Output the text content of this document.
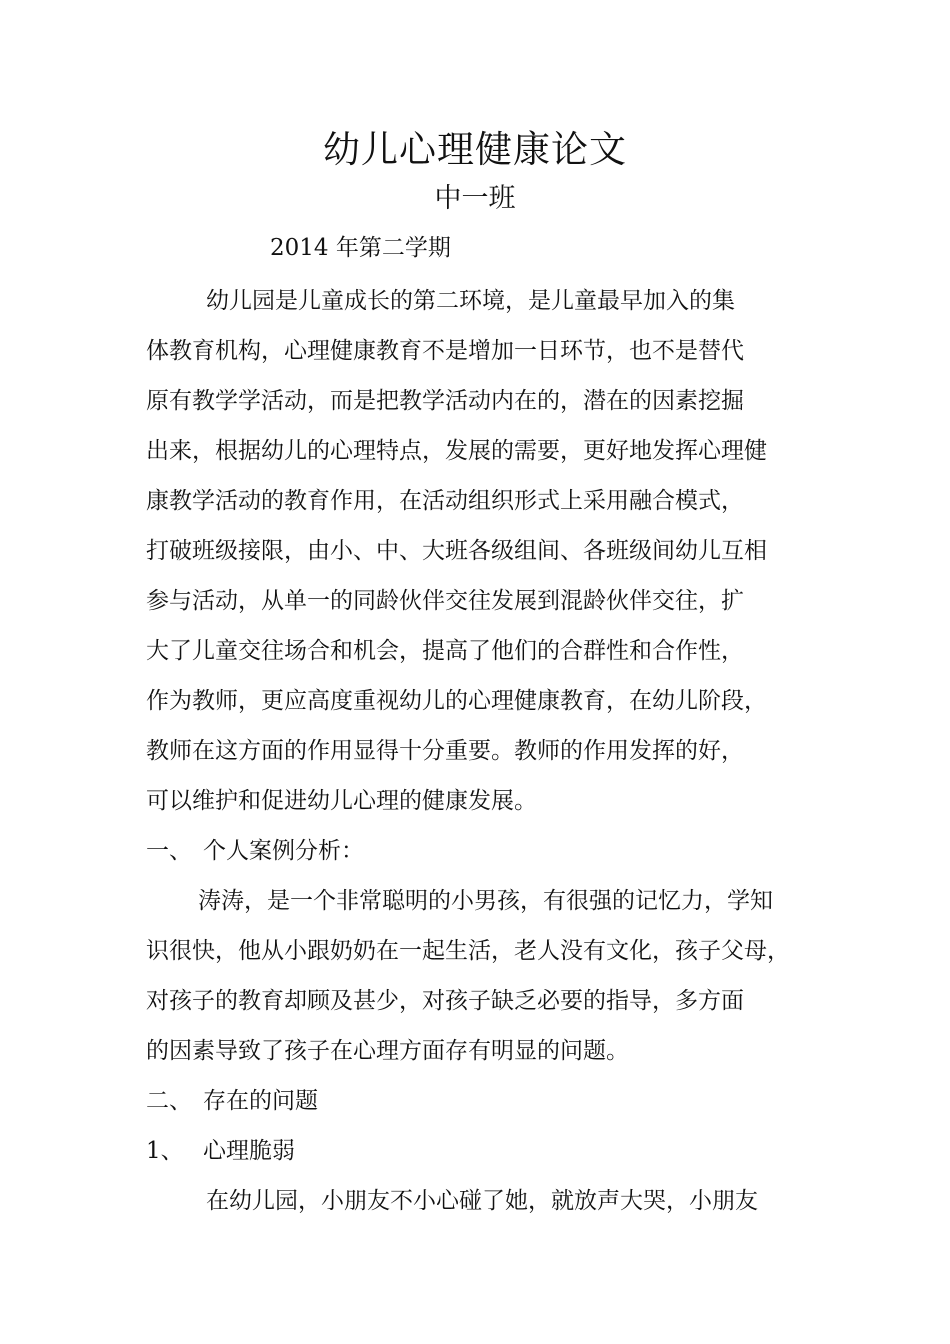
幼儿心理健康论文
中一班
2014 年第二学期
幼儿园是儿童成长的第二环境，是儿童最早加入的集
体教育机构，心理健康教育不是增加一日环节，也不是替代
原有教学学活动，而是把教学活动内在的，潜在的因素挖掘
出来，根据幼儿的心理特点，发展的需要，更好地发挥心理健
康教学活动的教育作用，在活动组织形式上采用融合模式，
打破班级接限，由小、中、大班各级组间、各班级间幼儿互相
参与活动，从单一的同龄伙伴交往发展到混龄伙伴交往，扩
大了儿童交往场合和机会，提高了他们的合群性和合作性，
作为教师，更应高度重视幼儿的心理健康教育，在幼儿阶段，
教师在这方面的作用显得十分重要。教师的作用发挥的好，
可以维护和促进幼儿心理的健康发展。
一、 个人案例分析：
涛涛，是一个非常聪明的小男孩，有很强的记忆力，学知
识很快，他从小跟奶奶在一起生活，老人没有文化，孩子父母，
对孩子的教育却顾及甚少，对孩子缺乏必要的指导，多方面
的因素导致了孩子在心理方面存有明显的问题。
二、 存在的问题
1、 心理脆弱
在幼儿园，小朋友不小心碰了她，就放声大哭，小朋友
